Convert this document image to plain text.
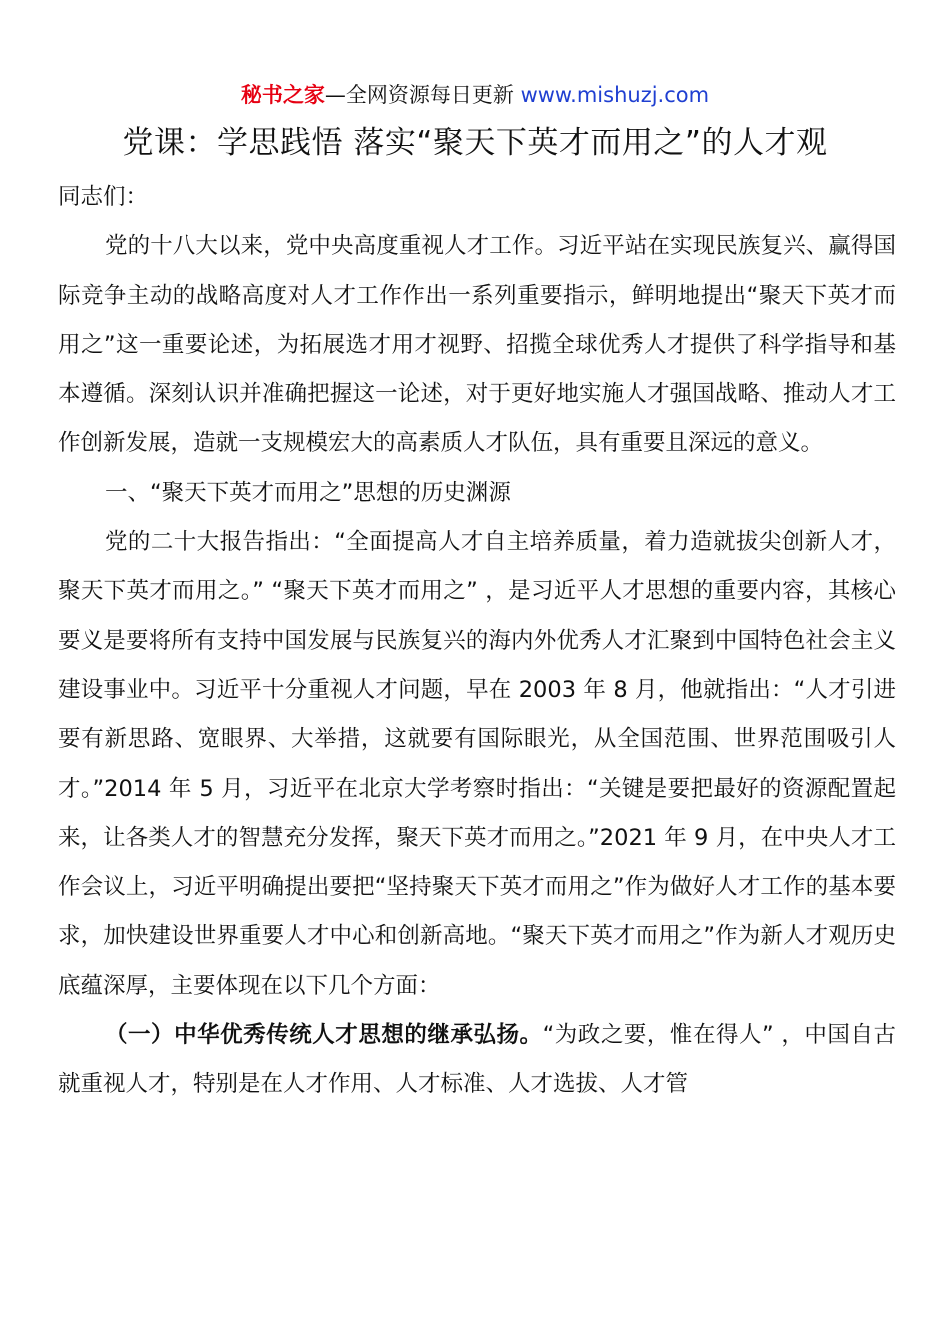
秘书之家—全网资源每日更新 www.mishuzj.com
党课：学思践悟 落实“聚天下英才而用之”的人才观

同志们：

党的十八大以来，党中央高度重视人才工作。习近平站在实现民族复兴、赢得国际竞争主动的战略高度对人才工作作出一系列重要指示，鲜明地提出“聚天下英才而用之”这一重要论述，为拓展选才用才视野、招揽全球优秀人才提供了科学指导和基本遵循。深刻认识并准确把握这一论述，对于更好地实施人才强国战略、推动人才工作创新发展，造就一支规模宏大的高素质人才队伍，具有重要且深远的意义。

一、“聚天下英才而用之”思想的历史渊源

党的二十大报告指出：“全面提高人才自主培养质量，着力造就拔尖创新人才，聚天下英才而用之。” “聚天下英才而用之” ，是习近平人才思想的重要内容，其核心要义是要将所有支持中国发展与民族复兴的海内外优秀人才汇聚到中国特色社会主义建设事业中。习近平十分重视人才问题，早在 2003 年 8 月，他就指出：“人才引进要有新思路、宽眼界、大举措，这就要有国际眼光，从全国范围、世界范围吸引人才。”2014 年 5 月，习近平在北京大学考察时指出：“关键是要把最好的资源配置起来，让各类人才的智慧充分发挥，聚天下英才而用之。”2021 年 9 月，在中央人才工作会议上，习近平明确提出要把“坚持聚天下英才而用之”作为做好人才工作的基本要求，加快建设世界重要人才中心和创新高地。“聚天下英才而用之”作为新人才观历史底蕴深厚，主要体现在以下几个方面：

（一）中华优秀传统人才思想的继承弘扬。“为政之要，惟在得人” ，中国自古就重视人才，特别是在人才作用、人才标准、人才选拔、人才管
